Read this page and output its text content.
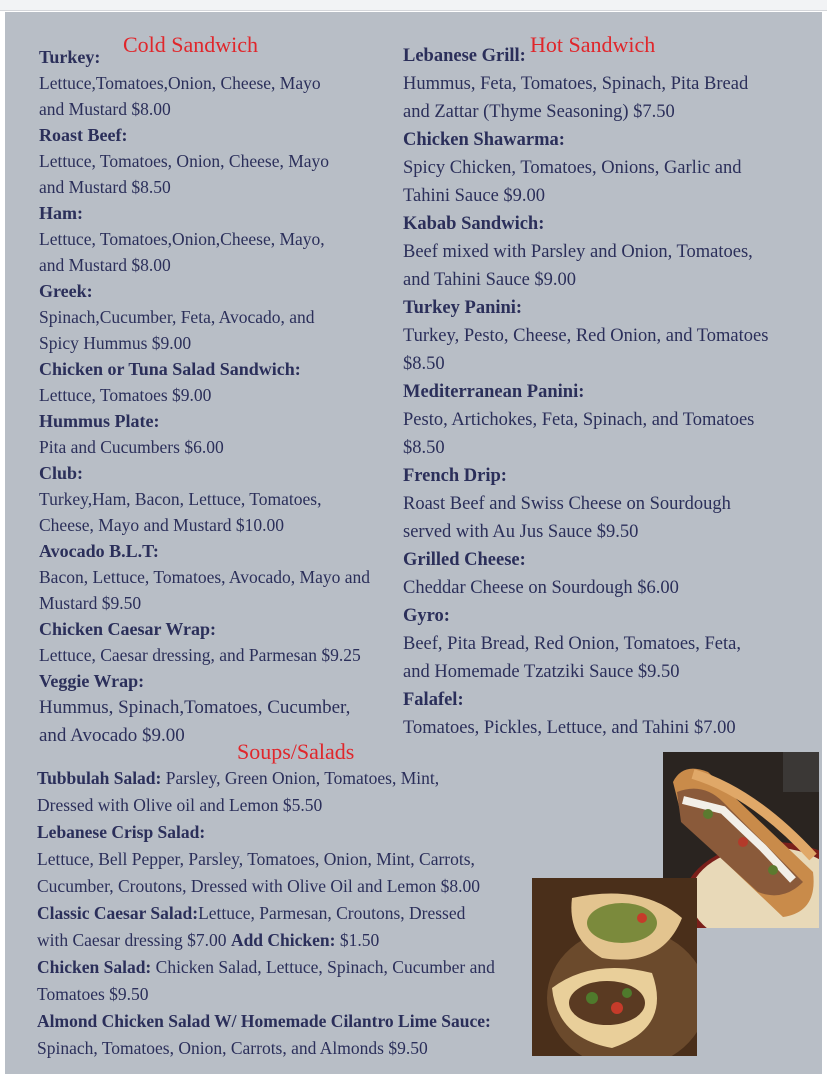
Cold Sandwich	Hot Sandwich
Turkey:
Lettuce,Tomatoes,Onion, Cheese, Mayo
and Mustard $8.00
Roast Beef:
Lettuce, Tomatoes, Onion, Cheese, Mayo
and Mustard $8.50
Ham:
Lettuce, Tomatoes,Onion,Cheese, Mayo,
and Mustard $8.00
Greek:
Spinach,Cucumber, Feta, Avocado, and
Spicy Hummus $9.00
Chicken or Tuna Salad Sandwich:
Lettuce, Tomatoes $9.00
Hummus Plate:
Pita and Cucumbers $6.00
Club:
Turkey,Ham, Bacon, Lettuce, Tomatoes,
Cheese, Mayo and Mustard $10.00
Avocado B.L.T:
Bacon, Lettuce, Tomatoes, Avocado, Mayo and
Mustard $9.50
Chicken Caesar Wrap:
Lettuce, Caesar dressing, and Parmesan $9.25
Veggie Wrap:
Hummus, Spinach,Tomatoes, Cucumber,
and Avocado $9.00
Lebanese Grill:
Hummus, Feta, Tomatoes, Spinach, Pita Bread
and Zattar (Thyme Seasoning) $7.50
Chicken Shawarma:
Spicy Chicken, Tomatoes, Onions, Garlic and
Tahini Sauce $9.00
Kabab Sandwich:
Beef mixed with Parsley and Onion, Tomatoes,
and Tahini Sauce $9.00
Turkey Panini:
Turkey, Pesto, Cheese, Red Onion, and Tomatoes
$8.50
Mediterranean Panini:
Pesto, Artichokes, Feta, Spinach, and Tomatoes
$8.50
French Drip:
Roast Beef and Swiss Cheese on Sourdough
served with Au Jus Sauce $9.50
Grilled Cheese:
Cheddar Cheese on Sourdough $6.00
Gyro:
Beef, Pita Bread, Red Onion, Tomatoes, Feta,
and Homemade Tzatziki Sauce $9.50
Falafel:
Tomatoes, Pickles, Lettuce, and Tahini $7.00
Soups/Salads

Tubbulah Salad: Parsley, Green Onion, Tomatoes, Mint,

Dressed with Olive oil and Lemon $5.50

Lebanese Crisp Salad:

Lettuce, Bell Pepper, Parsley, Tomatoes, Onion, Mint, Carrots,

Cucumber, Croutons, Dressed with Olive Oil and Lemon $8.00

Classic Caesar Salad:Lettuce, Parmesan, Croutons, Dressed

with Caesar dressing $7.00 Add Chicken: $1.50

Chicken Salad: Chicken Salad, Lettuce, Spinach, Cucumber and

Tomatoes $9.50

Almond Chicken Salad W/ Homemade Cilantro Lime Sauce:

Spinach, Tomatoes, Onion, Carrots, and Almonds $9.50
